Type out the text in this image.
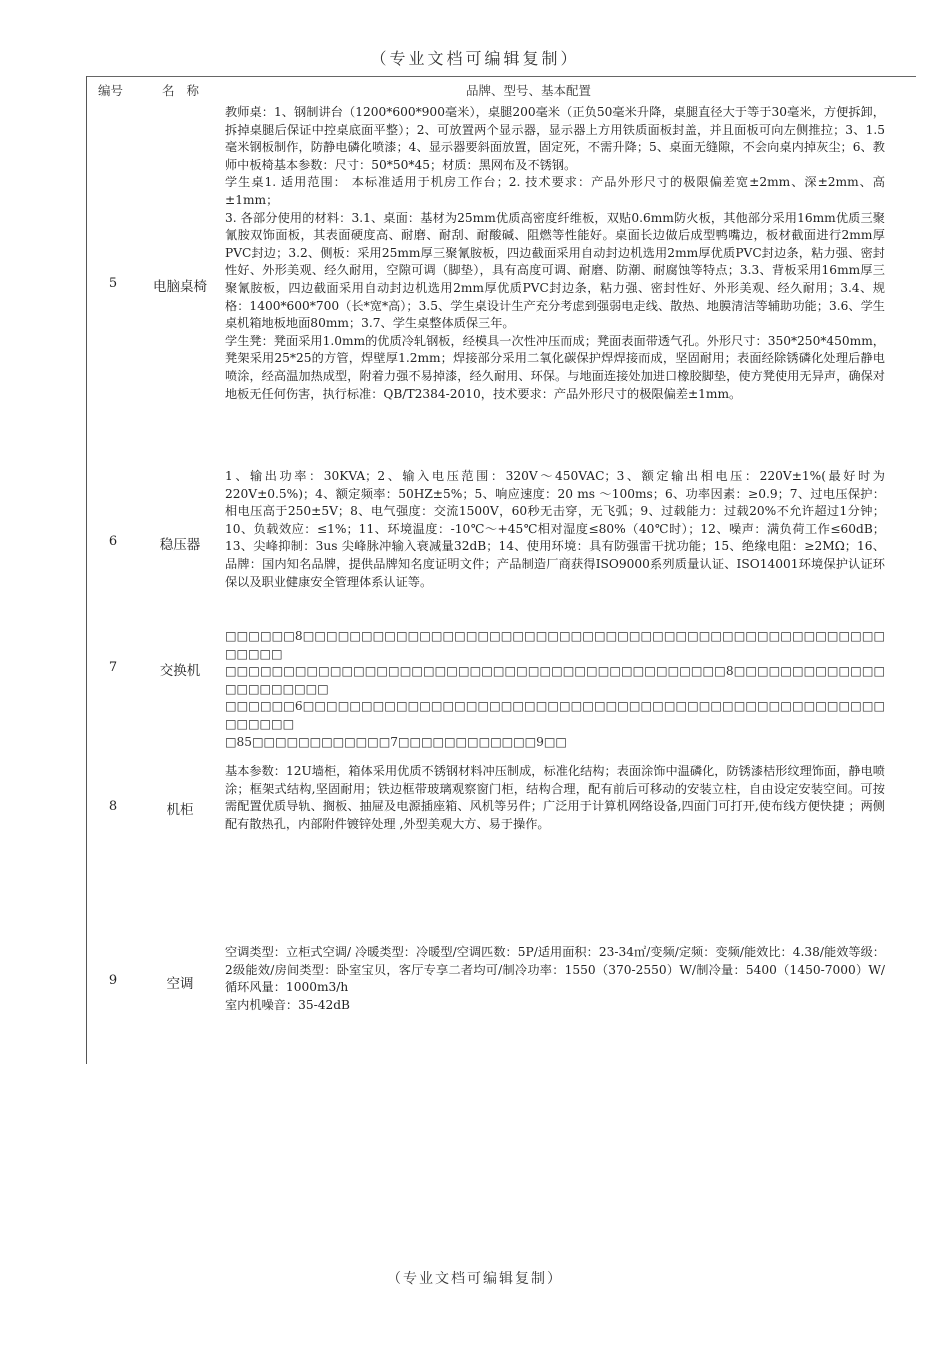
（专业文档可编辑复制）
编号	名 称	品牌、型号、基本配置
5	电脑桌椅

教师桌：1、钢制讲台（1200*600*900毫米），桌腿200毫米（正负50毫米升降，桌腿直径大于等于30毫米，方便拆卸，拆掉桌腿后保证中控桌底面平整）；2、可放置两个显示器，显示器上方用铁质面板封盖，并且面板可向左侧推拉；3、1.5毫米钢板制作，防静电磷化喷漆；4、显示器要斜面放置，固定死，不需升降；5、桌面无缝隙，不会向桌内掉灰尘；6、教师中板椅基本参数：尺寸：50*50*45；材质：黑网布及不锈钢。

学生桌1. 适用范围： 本标准适用于机房工作台；2. 技术要求：产品外形尺寸的极限偏差宽±2mm、深±2mm、高±1mm；

3. 各部分使用的材料：3.1、桌面：基材为25mm优质高密度纤维板，双贴0.6mm防火板，其他部分采用16mm优质三聚氰胺双饰面板，其表面硬度高、耐磨、耐刮、耐酸碱、阻燃等性能好。桌面长边做后成型鸭嘴边，板材截面进行2mm厚PVC封边；3.2、侧板：采用25mm厚三聚氰胺板，四边截面采用自动封边机选用2mm厚优质PVC封边条，粘力强、密封性好、外形美观、经久耐用，空隙可调（脚垫），具有高度可调、耐磨、防潮、耐腐蚀等特点；3.3、背板采用16mm厚三聚氰胺板，四边截面采用自动封边机选用2mm厚优质PVC封边条，粘力强、密封性好、外形美观、经久耐用；3.4、规格：1400*600*700（长*宽*高）；3.5、学生桌设计生产充分考虑到强弱电走线、散热、地膜清洁等辅助功能；3.6、学生桌机箱地板地面80mm；3.7、学生桌整体质保三年。

学生凳：凳面采用1.0mm的优质冷轧钢板，经模具一次性冲压而成；凳面表面带透气孔。外形尺寸：350*250*450mm，凳架采用25*25的方管，焊壁厚1.2mm；焊接部分采用二氧化碳保护焊焊接而成，坚固耐用；表面经除锈磷化处理后静电喷涂，经高温加热成型，附着力强不易掉漆，经久耐用、环保。与地面连接处加进口橡胶脚垫，使方凳使用无异声，确保对地板无任何伤害，执行标准：QB/T2384-2010，技术要求：产品外形尺寸的极限偏差±1mm。

6	稳压器

1、输出功率：30KVA；2、输入电压范围：320V～450VAC；3、额定输出相电压：220V±1%(最好时为220V±0.5%)；4、额定频率：50HZ±5%；5、响应速度：20 ms ～100ms；6、功率因素：≥0.9；7、过电压保护：相电压高于250±5V；8、电气强度：交流1500V，60秒无击穿，无飞弧；9、过载能力：过载20%不允许超过1分钟；10、负载效应：≤1%；11、环境温度：-10℃～+45℃相对湿度≤80%（40℃时）；12、噪声：满负荷工作≤60dB；13、尖峰抑制：3us 尖峰脉冲输入衰减量32dB；14、使用环境：具有防强雷干扰功能；15、绝缘电阻：≥2MΩ；16、品牌：国内知名品牌，提供品牌知名度证明文件；产品制造厂商获得ISO9000系列质量认证、ISO14001环境保护认证环保以及职业健康安全管理体系认证等。

7	交换机
□□□□□□8□□□□□□□□□□□□□□□□□□□□□□□□□□□□□□□□□□□□□□□□□□□□□□□□□□□□□□□
□□□□□□□□□□□□□□□□□□□□□□□□□□□□□□□□□□□□□□□□□□□8□□□□□□□□□□□□□□□□□□□□□□
□□□□□□6□□□□□□□□□□□□□□□□□□□□□□□□□□□□□□□□□□□□□□□□□□□□□□□□□□□□□□□□
□85□□□□□□□□□□□□7□□□□□□□□□□□□9□□
8	机柜

基本参数：12U墙柜，箱体采用优质不锈钢材料冲压制成，标准化结构；表面涂饰中温磷化，防锈漆桔形纹理饰面，静电喷涂；框架式结构,坚固耐用；铁边框带玻璃观察窗门柜，结构合理，配有前后可移动的安装立柱，自由设定安装空间。可按需配置优质导轨、搁板、抽屉及电源插座箱、风机等另件；广泛用于计算机网络设备,四面门可打开,使布线方便快捷 ；两侧配有散热孔，内部附件镀锌处理 ,外型美观大方、易于操作。

9	空调

空调类型：立柜式空调/ 冷暖类型：冷暖型/空调匹数：5P/适用面积：23-34㎡/变频/定频：变频/能效比：4.38/能效等级：2级能效/房间类型：卧室宝贝，客厅专享二者均可/制冷功率：1550（370-2550）W/制冷量：5400（1450-7000）W/循环风量：1000m3/h

室内机噪音：35-42dB

（专业文档可编辑复制）
